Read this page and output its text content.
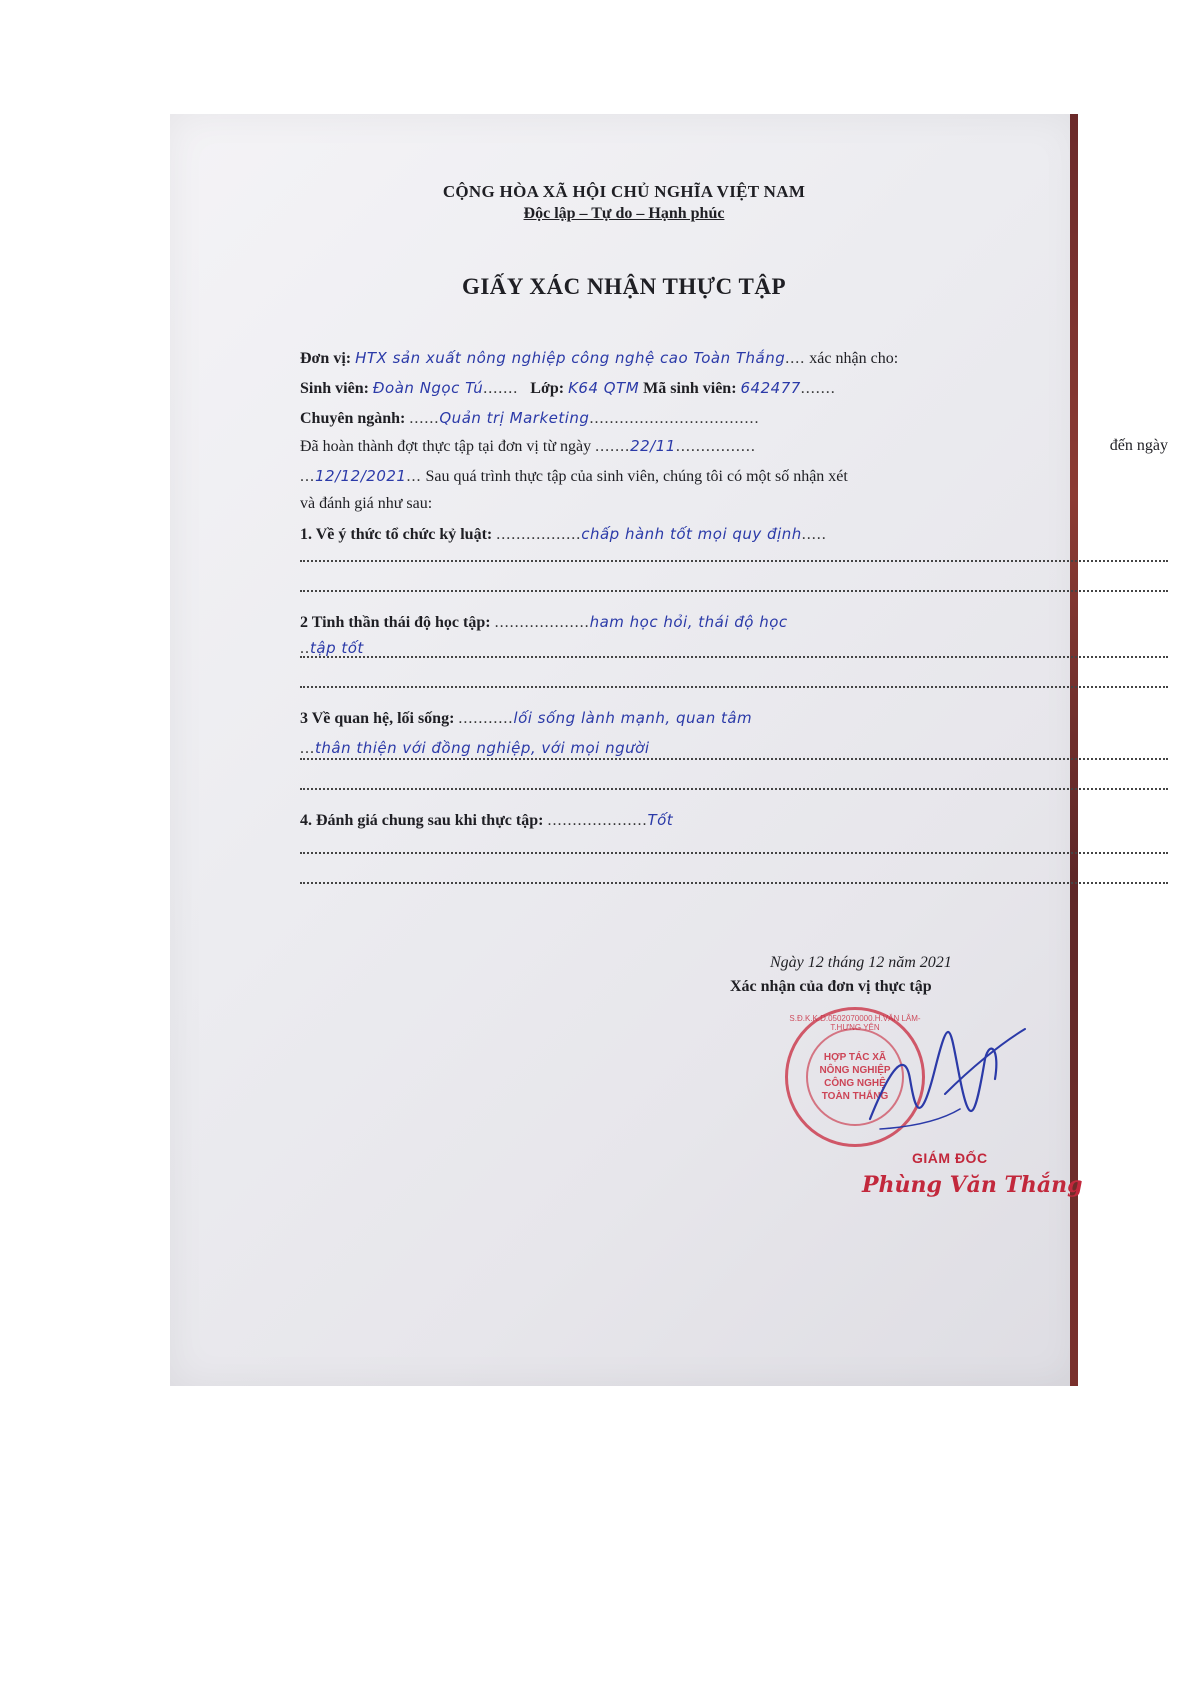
CỘNG HÒA XÃ HỘI CHỦ NGHĨA VIỆT NAM
Độc lập – Tự do – Hạnh phúc
GIẤY XÁC NHẬN THỰC TẬP
Đơn vị: HTX sản xuất nông nghiệp công nghệ cao Toàn Thắng.... xác nhận cho:
Sinh viên: Đoàn Ngọc Tú....... Lớp: K64 QTM Mã sinh viên: 642477.......
Chuyên ngành: ......Quản trị Marketing..................................
Đã hoàn thành đợt thực tập tại đơn vị từ ngày .......22/11................	đến ngày
...12/12/2021... Sau quá trình thực tập của sinh viên, chúng tôi có một số nhận xét
và đánh giá như sau:
1. Về ý thức tổ chức kỷ luật: .................chấp hành tốt mọi quy định.....
2 Tinh thần thái độ học tập: ...................ham học hỏi, thái độ học
..tập tốt
3 Về quan hệ, lối sống: ...........lối sống lành mạnh, quan tâm
...thân thiện với đồng nghiệp, với mọi người
4. Đánh giá chung sau khi thực tập: ....................Tốt
Ngày 12 tháng 12 năm 2021
Xác nhận của đơn vị thực tập
S.Đ.K.K.D.0502070000.H.VĂN LÂM-T.HƯNG YÊN
HỢP TÁC XÃ
NÔNG NGHIỆP
CÔNG NGHỆ
TOÀN THẮNG
GIÁM ĐỐC
Phùng Văn Thắng
